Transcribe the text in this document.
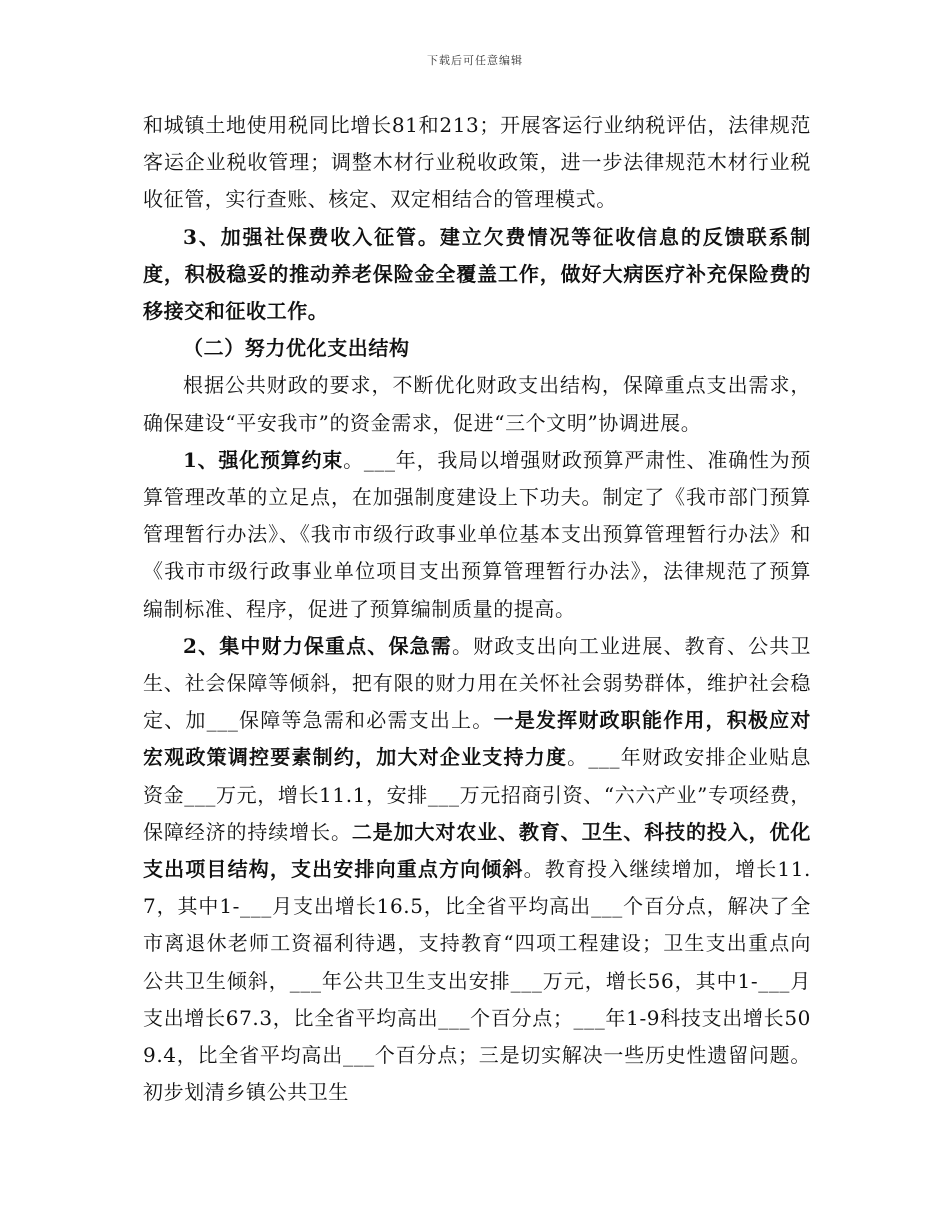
下载后可任意编辑

和城镇土地使用税同比增长81和213；开展客运行业纳税评估，法律规范客运企业税收管理；调整木材行业税收政策，进一步法律规范木材行业税收征管，实行查账、核定、双定相结合的管理模式。

3、加强社保费收入征管。建立欠费情况等征收信息的反馈联系制度，积极稳妥的推动养老保险金全覆盖工作，做好大病医疗补充保险费的移接交和征收工作。

（二）努力优化支出结构

根据公共财政的要求，不断优化财政支出结构，保障重点支出需求，确保建设“平安我市”的资金需求，促进“三个文明”协调进展。

1、强化预算约束。___年，我局以增强财政预算严肃性、准确性为预算管理改革的立足点，在加强制度建设上下功夫。制定了《我市部门预算管理暂行办法》、《我市市级行政事业单位基本支出预算管理暂行办法》和《我市市级行政事业单位项目支出预算管理暂行办法》，法律规范了预算编制标准、程序，促进了预算编制质量的提高。

2、集中财力保重点、保急需。财政支出向工业进展、教育、公共卫生、社会保障等倾斜，把有限的财力用在关怀社会弱势群体，维护社会稳定、加___保障等急需和必需支出上。一是发挥财政职能作用，积极应对宏观政策调控要素制约，加大对企业支持力度。___年财政安排企业贴息资金___万元，增长11.1，安排___万元招商引资、“六六产业”专项经费，保障经济的持续增长。二是加大对农业、教育、卫生、科技的投入，优化支出项目结构，支出安排向重点方向倾斜。教育投入继续增加，增长11.7，其中1-___月支出增长16.5，比全省平均高出___个百分点，解决了全市离退休老师工资福利待遇，支持教育“四项工程建设；卫生支出重点向公共卫生倾斜，___年公共卫生支出安排___万元，增长56，其中1-___月支出增长67.3，比全省平均高出___个百分点；___年1-9科技支出增长509.4，比全省平均高出___个百分点；三是切实解决一些历史性遗留问题。初步划清乡镇公共卫生
